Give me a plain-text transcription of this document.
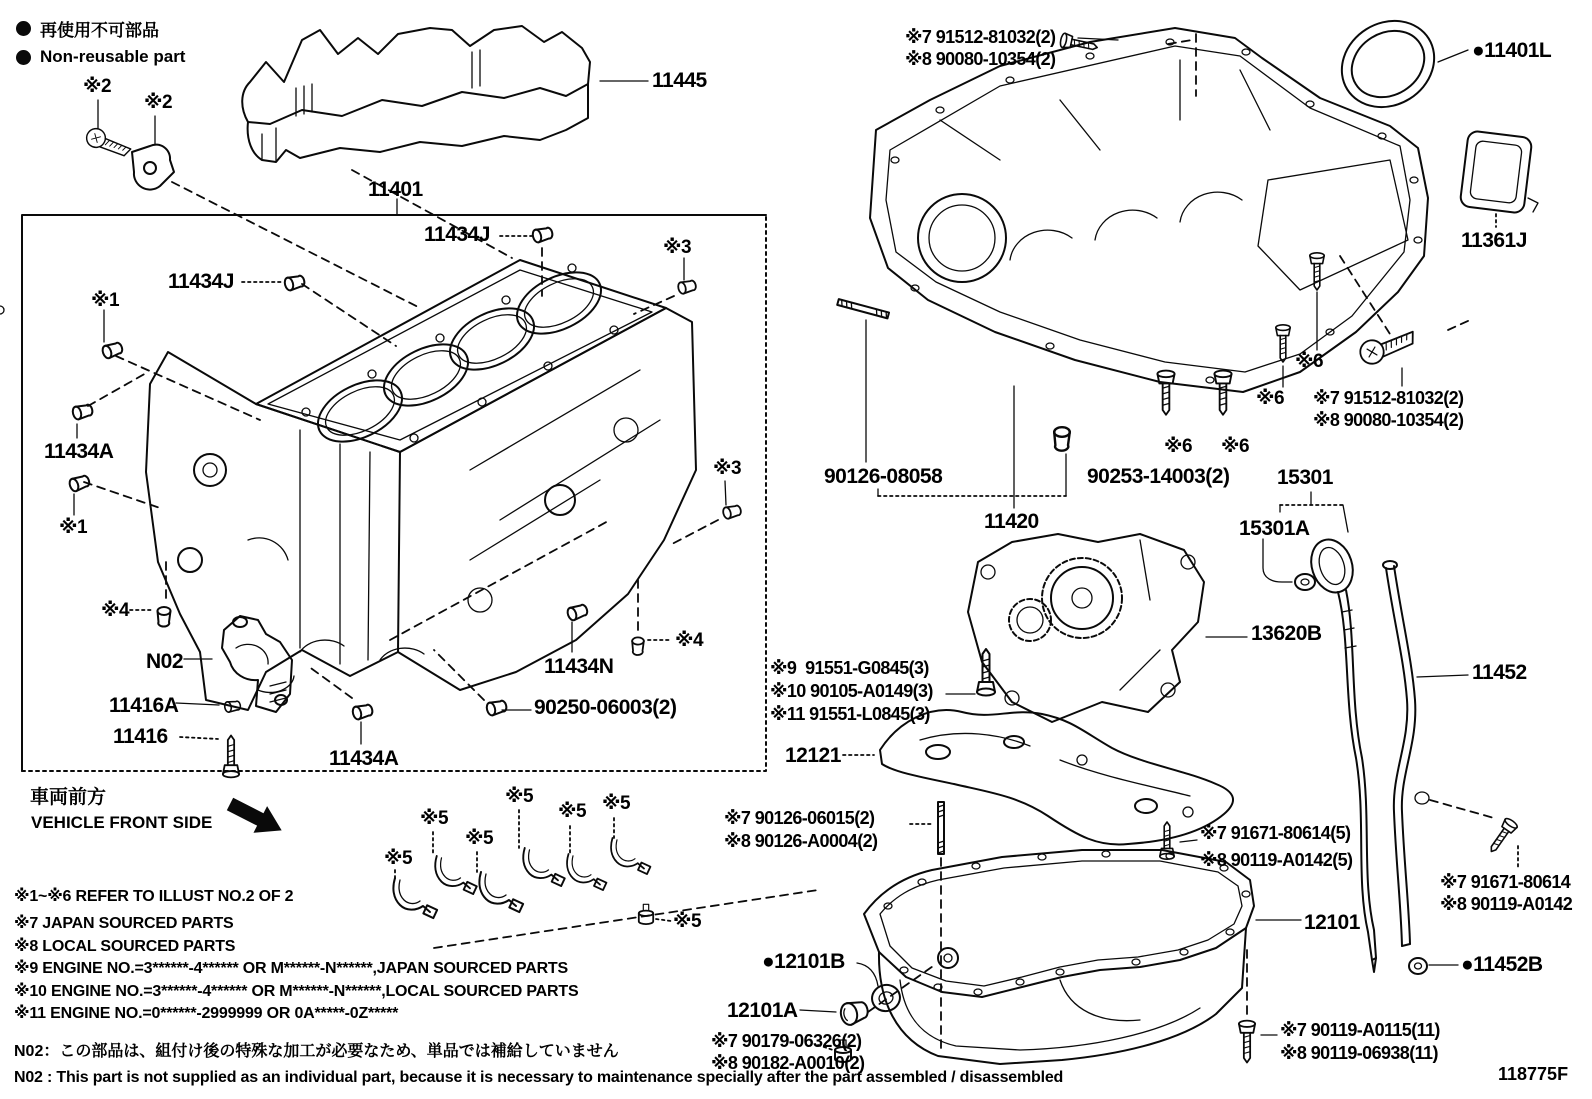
再使用不可部品
Non-reusable part
11445
11401
11434J
11434J
11434A
11434A
11416A
11416
N02	11434N
90250-06003(2)
90126-08058	90253-14003(2)
11420
●11401L
11361J
15301
15301A
13620B
11452
12121
12101
●12101B
12101A
●11452B
118775F
※7 91512-81032(2)
※8 90080-10354(2)
※7 91512-81032(2)
※8 90080-10354(2)
※9  91551-G0845(3)
※10 90105-A0149(3)
※11 91551-L0845(3)
※7 90126-06015(2)
※8 90126-A0004(2)	※7 91671-80614(5)
※8 90119-A0142(5)
※7 91671-80614
※8 90119-A0142
※7 90179-06326(2)
※8 90182-A0010(2)
※7 90119-A0115(11)
※8 90119-06938(11)
※2
※2
※1
※1
※3
※3
※4
※4
※6 ※6
※6
※6
※5
※5
※5
※5
※5 ※5
※5
車両前方
VEHICLE FRONT SIDE
※1~※6 REFER TO ILLUST NO.2 OF 2
※7 JAPAN SOURCED PARTS
※8 LOCAL SOURCED PARTS
※9 ENGINE NO.=3******-4****** OR M******-N******,JAPAN SOURCED PARTS
※10 ENGINE NO.=3******-4****** OR M******-N******,LOCAL SOURCED PARTS
※11 ENGINE NO.=0******-2999999 OR 0A*****-0Z*****
N02：この部品は、組付け後の特殊な加工が必要なため、単品では補給していません
N02 : This part is not supplied as an individual part, because it is necessary to maintenance specially after the part assembled / disassembled
